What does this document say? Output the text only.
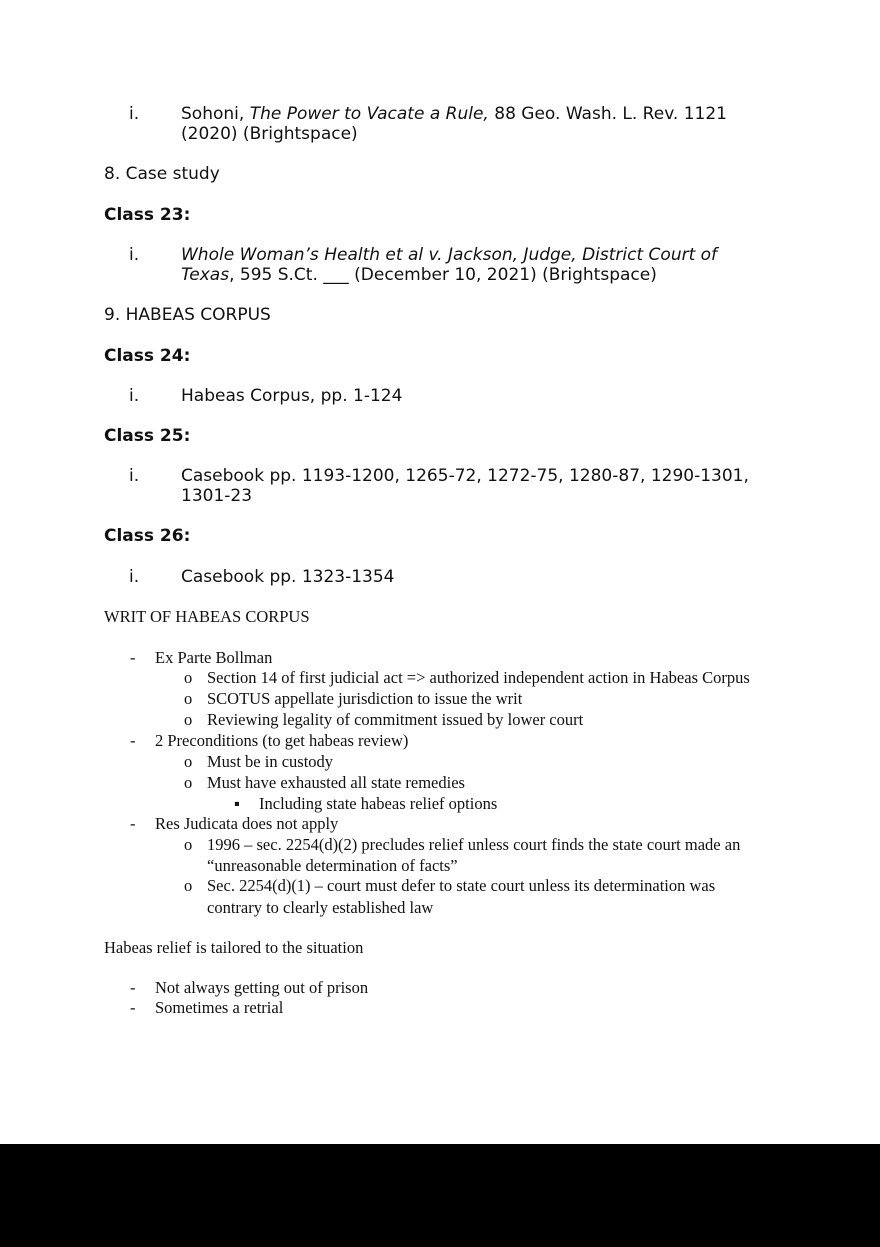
i. Sohoni, The Power to Vacate a Rule, 88 Geo. Wash. L. Rev. 1121
(2020) (Brightspace)
8. Case study
Class 23:
i. Whole Woman’s Health et al v. Jackson, Judge, District Court of
Texas, 595 S.Ct. ___ (December 10, 2021) (Brightspace)
9. HABEAS CORPUS
Class 24:
i. Habeas Corpus, pp. 1-124
Class 25:
i. Casebook pp. 1193-1200, 1265-72, 1272-75, 1280-87, 1290-1301,
1301-23
Class 26:
i. Casebook pp. 1323-1354
WRIT OF HABEAS CORPUS
- Ex Parte Bollman
o Section 14 of first judicial act => authorized independent action in Habeas Corpus
o SCOTUS appellate jurisdiction to issue the writ
o Reviewing legality of commitment issued by lower court
- 2 Preconditions (to get habeas review)
o Must be in custody
o Must have exhausted all state remedies
▪ Including state habeas relief options
- Res Judicata does not apply
o 1996 – sec. 2254(d)(2) precludes relief unless court finds the state court made an
“unreasonable determination of facts”
o Sec. 2254(d)(1) – court must defer to state court unless its determination was
contrary to clearly established law
Habeas relief is tailored to the situation
- Not always getting out of prison
- Sometimes a retrial
